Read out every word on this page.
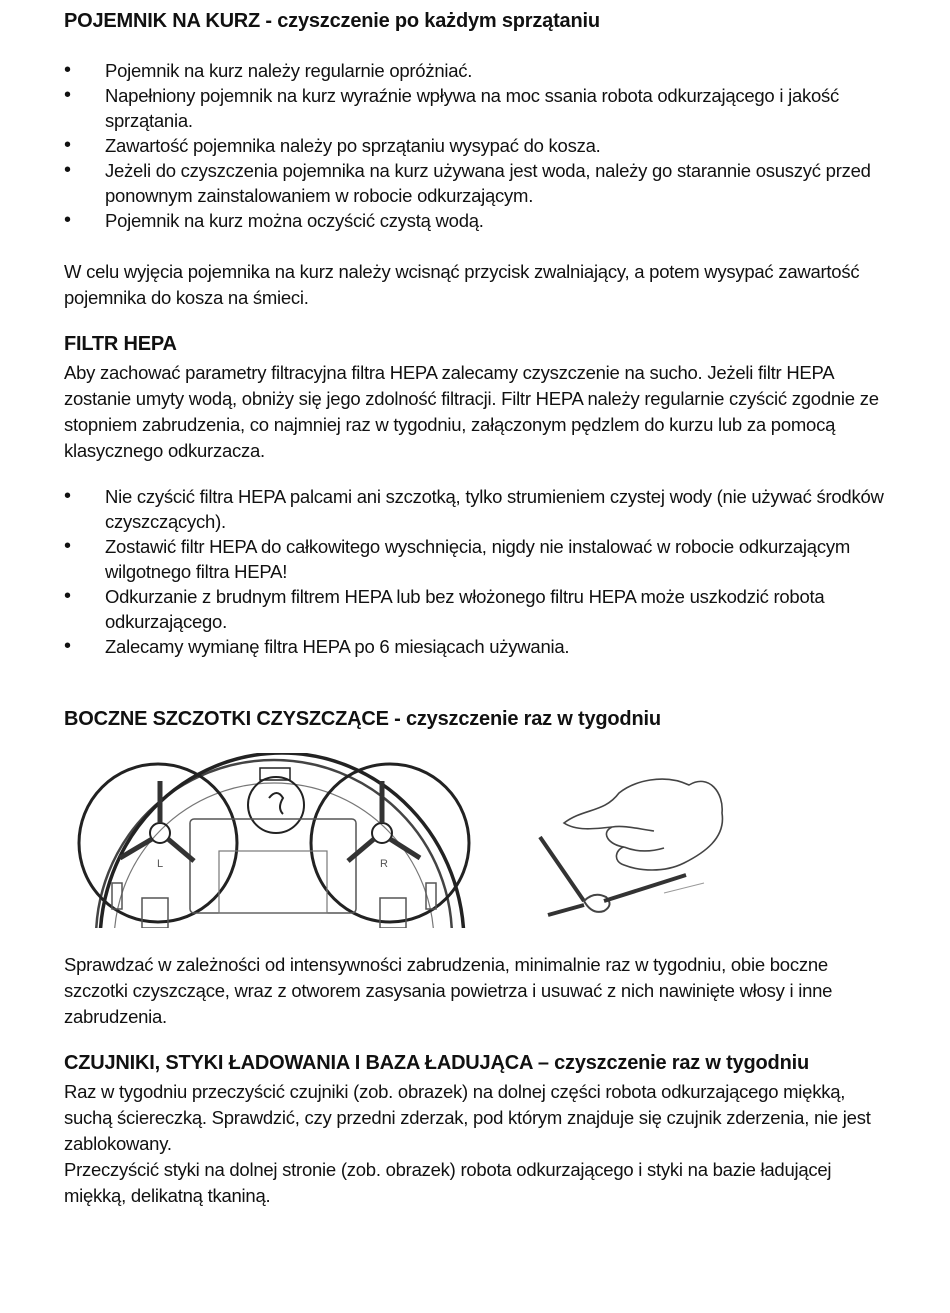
POJEMNIK NA KURZ - czyszczenie po każdym sprzątaniu
• Pojemnik na kurz należy regularnie opróżniać.
• Napełniony pojemnik na kurz wyraźnie wpływa na moc ssania robota odkurzającego i jakość sprzątania.
• Zawartość pojemnika należy po sprzątaniu wysypać do kosza.
• Jeżeli do czyszczenia pojemnika na kurz używana jest woda, należy go starannie osuszyć przed ponownym zainstalowaniem w robocie odkurzającym.
• Pojemnik na kurz można oczyścić czystą wodą.

W celu wyjęcia pojemnika na kurz należy wcisnąć przycisk zwalniający, a potem wysypać zawartość pojemnika do kosza na śmieci.

FILTR HEPA

Aby zachować parametry filtracyjna filtra HEPA zalecamy czyszczenie na sucho. Jeżeli filtr HEPA zostanie umyty wodą, obniży się jego zdolność filtracji. Filtr HEPA należy regularnie czyścić zgodnie ze stopniem zabrudzenia, co najmniej raz w tygodniu, załączonym pędzlem do kurzu lub za pomocą klasycznego odkurzacza.

• Nie czyścić filtra HEPA palcami ani szczotką, tylko strumieniem czystej wody (nie używać środków czyszczących).
• Zostawić filtr HEPA do całkowitego wyschnięcia, nigdy nie instalować w robocie odkurzającym wilgotnego filtra HEPA!
• Odkurzanie z brudnym filtrem HEPA lub bez włożonego filtru HEPA może uszkodzić robota odkurzającego.
• Zalecamy wymianę filtra HEPA po 6 miesiącach używania.
BOCZNE SZCZOTKI CZYSZCZĄCE - czyszczenie raz w tygodniu
L	R

Sprawdzać w zależności od intensywności zabrudzenia, minimalnie raz w tygodniu, obie boczne szczotki czyszczące, wraz z otworem zasysania powietrza i usuwać z nich nawinięte włosy i inne zabrudzenia.

CZUJNIKI, STYKI ŁADOWANIA I BAZA ŁADUJĄCA – czyszczenie raz w tygodniu

Raz w tygodniu przeczyścić czujniki (zob. obrazek) na dolnej części robota odkurzającego miękką, suchą ściereczką. Sprawdzić, czy przedni zderzak, pod którym znajduje się czujnik zderzenia, nie jest zablokowany.

Przeczyścić styki na dolnej stronie (zob. obrazek) robota odkurzającego i styki na bazie ładującej miękką, delikatną tkaniną.
